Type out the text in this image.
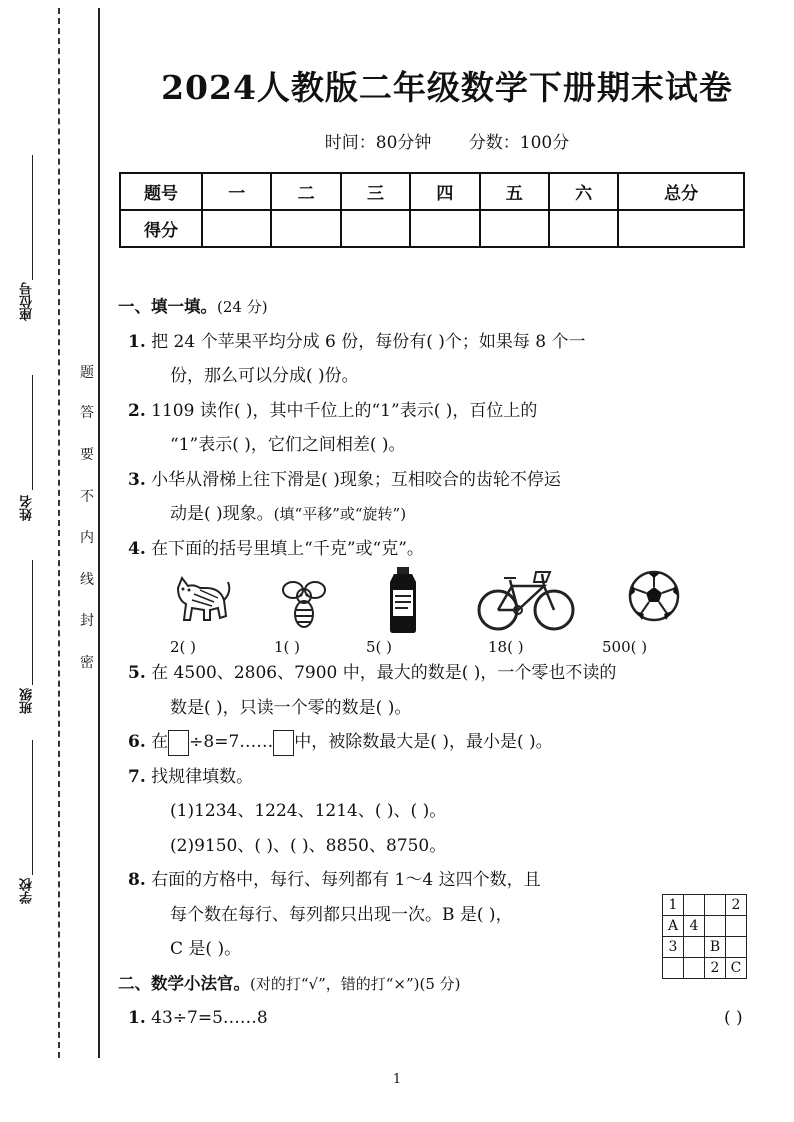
座位号
姓名
班级
学校
题
答
要
不
内
线
封
密
2024人教版二年级数学下册期末试卷
时间：80分钟 分数：100分
题号	一	二	三	四	五	六	总分
得分							
一、填一填。(24 分)
1. 把 24 个苹果平均分成 6 份，每份有( )个；如果每 8 个一
份，那么可以分成( )份。
2. 1109 读作( )，其中千位上的“1”表示( )，百位上的
“1”表示( )，它们之间相差( )。
3. 小华从滑梯上往下滑是( )现象；互相咬合的齿轮不停运
动是( )现象。(填“平移”或“旋转”)
4. 在下面的括号里填上“千克”或“克”。
2( )	1( )	5( )	18( )	500( )
5. 在 4500、2806、7900 中，最大的数是( )，一个零也不读的
数是( )，只读一个零的数是( )。
6. 在 ÷8=7…… 中，被除数最大是( )，最小是( )。
7. 找规律填数。
(1)1234、1224、1214、( )、( )。
(2)9150、( )、( )、8850、8750。
8. 右面的方格中，每行、每列都有 1～4 这四个数，且
每个数在每行、每列都只出现一次。B 是( )，
C 是( )。
二、数学小法官。(对的打“√”，错的打“×”)(5 分)
1. 43÷7=5……8	( )
1			2
A	4		
3		B	
		2	C
1
